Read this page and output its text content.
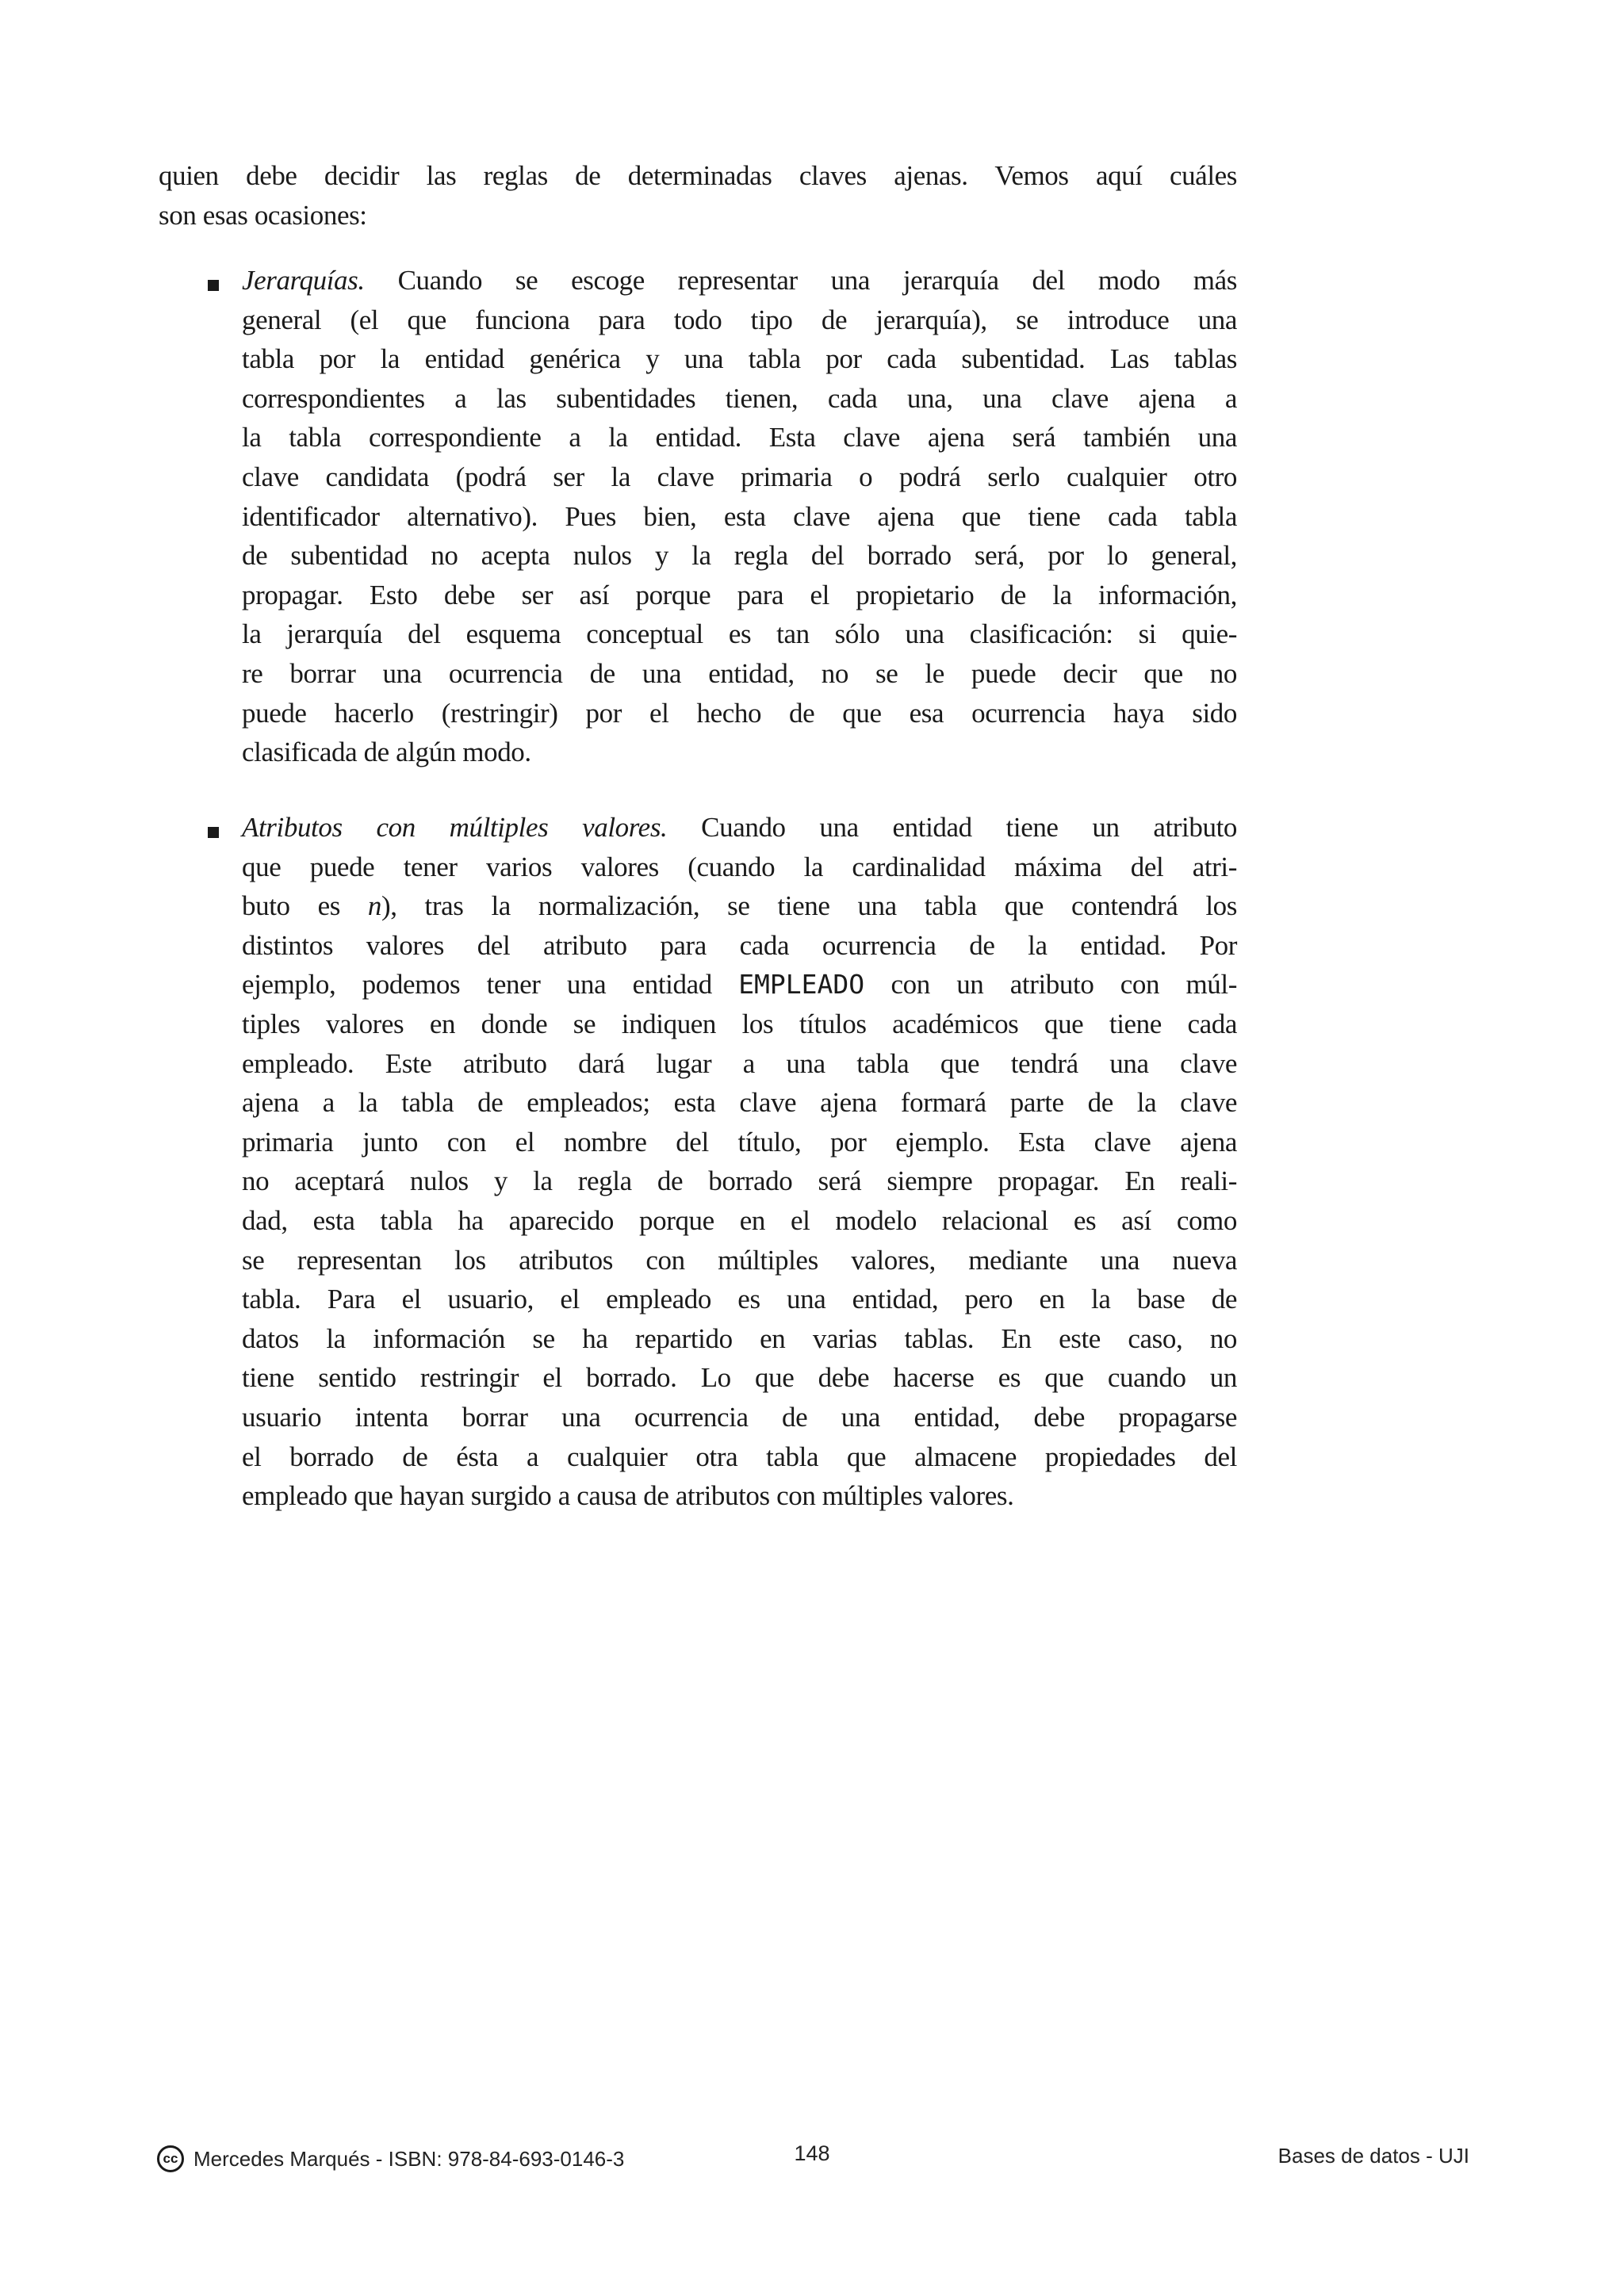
quien debe decidir las reglas de determinadas claves ajenas. Vemos aquí cuáles
son esas ocasiones:
Jerarquías. Cuando se escoge representar una jerarquía del modo más
general (el que funciona para todo tipo de jerarquía), se introduce una
tabla por la entidad genérica y una tabla por cada subentidad. Las tablas
correspondientes a las subentidades tienen, cada una, una clave ajena a
la tabla correspondiente a la entidad. Esta clave ajena será también una
clave candidata (podrá ser la clave primaria o podrá serlo cualquier otro
identificador alternativo). Pues bien, esta clave ajena que tiene cada tabla
de subentidad no acepta nulos y la regla del borrado será, por lo general,
propagar. Esto debe ser así porque para el propietario de la información,
la jerarquía del esquema conceptual es tan sólo una clasificación: si quie-
re borrar una ocurrencia de una entidad, no se le puede decir que no
puede hacerlo (restringir) por el hecho de que esa ocurrencia haya sido
clasificada de algún modo.
Atributos con múltiples valores. Cuando una entidad tiene un atributo
que puede tener varios valores (cuando la cardinalidad máxima del atri-
buto es n), tras la normalización, se tiene una tabla que contendrá los
distintos valores del atributo para cada ocurrencia de la entidad. Por
ejemplo, podemos tener una entidad EMPLEADO con un atributo con múl-
tiples valores en donde se indiquen los títulos académicos que tiene cada
empleado. Este atributo dará lugar a una tabla que tendrá una clave
ajena a la tabla de empleados; esta clave ajena formará parte de la clave
primaria junto con el nombre del título, por ejemplo. Esta clave ajena
no aceptará nulos y la regla de borrado será siempre propagar. En reali-
dad, esta tabla ha aparecido porque en el modelo relacional es así como
se representan los atributos con múltiples valores, mediante una nueva
tabla. Para el usuario, el empleado es una entidad, pero en la base de
datos la información se ha repartido en varias tablas. En este caso, no
tiene sentido restringir el borrado. Lo que debe hacerse es que cuando un
usuario intenta borrar una ocurrencia de una entidad, debe propagarse
el borrado de ésta a cualquier otra tabla que almacene propiedades del
empleado que hayan surgido a causa de atributos con múltiples valores.
cc Mercedes Marqués - ISBN: 978-84-693-0146-3	148	Bases de datos - UJI
